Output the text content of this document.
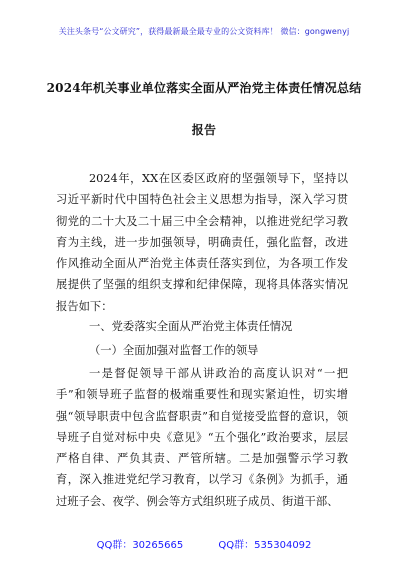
关注头条号“公文研究”，获得最新最全最专业的公文资料库！ 微信：gongwenyj
2024年机关事业单位落实全面从严治党主体责任情况总结
报告
2024年，XX在区委区政府的坚强领导下，坚持以习近平新时代中国特色社会主义思想为指导，深入学习贯彻党的二十大及二十届三中全会精神，以推进党纪学习教育为主线，进一步加强领导，明确责任，强化监督，改进作风推动全面从严治党主体责任落实到位，为各项工作发展提供了坚强的组织支撑和纪律保障，现将具体落实情况报告如下：
一、党委落实全面从严治党主体责任情况
（一）全面加强对监督工作的领导
一是督促领导干部从讲政治的高度认识对“一把手”和领导班子监督的极端重要性和现实紧迫性，切实增强“领导职责中包含监督职责”和自觉接受监督的意识，领导班子自觉对标中央《意见》“五个强化”政治要求，层层严格自律、严负其责、严管所辖。二是加强警示学习教育，深入推进党纪学习教育，以学习《条例》为抓手，通过班子会、夜学、例会等方式组织班子成员、街道干部、
QQ群：30265665	QQ群：535304092
